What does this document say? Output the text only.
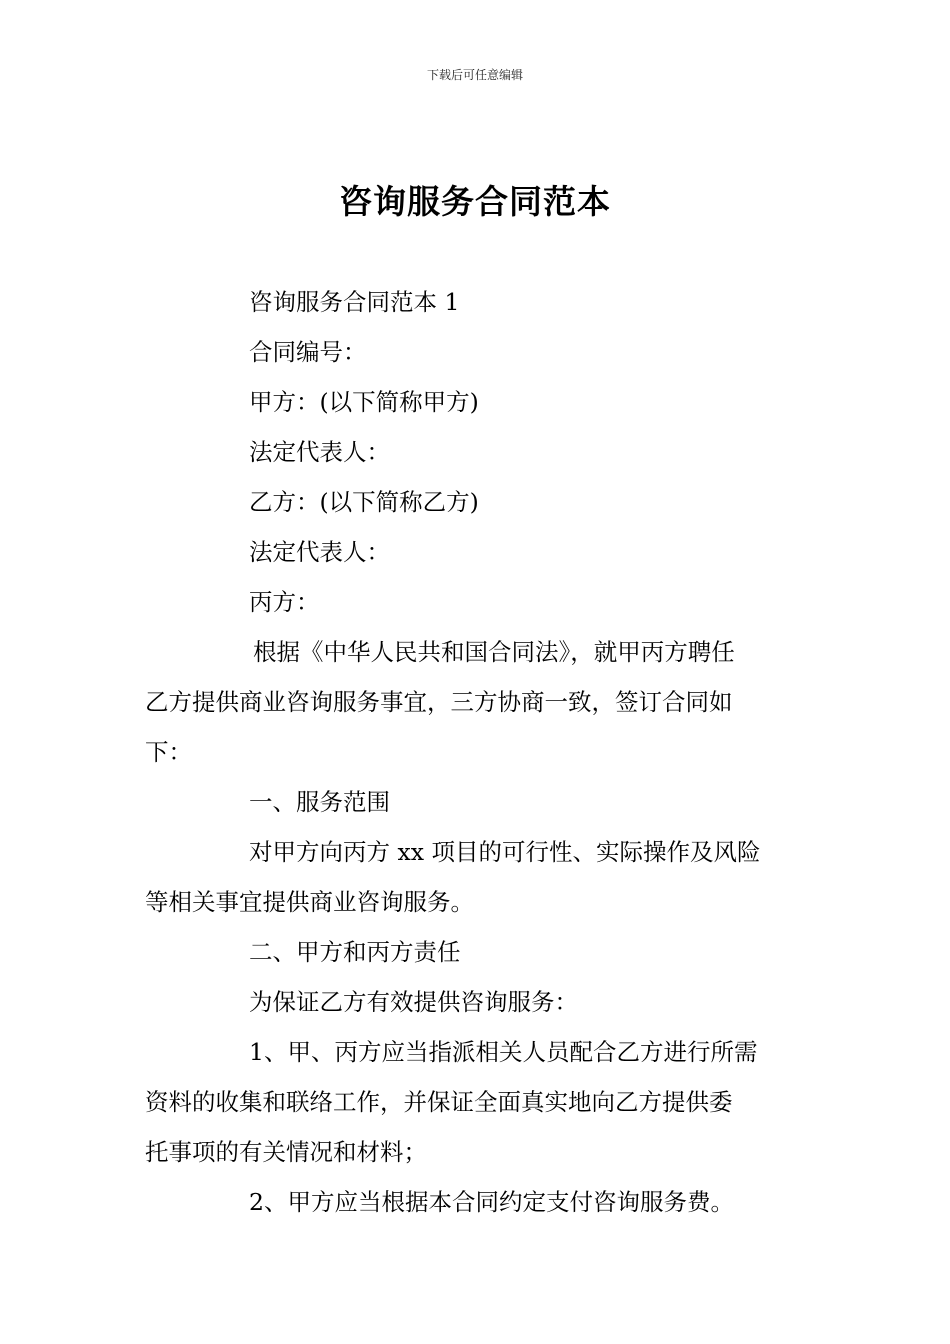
下载后可任意编辑
咨询服务合同范本
咨询服务合同范本 1
合同编号：
甲方：(以下简称甲方)
法定代表人：
乙方：(以下简称乙方)
法定代表人：
丙方：
根据《中华人民共和国合同法》，就甲丙方聘任
乙方提供商业咨询服务事宜，三方协商一致，签订合同如
下：
一、服务范围
对甲方向丙方 xx 项目的可行性、实际操作及风险
等相关事宜提供商业咨询服务。
二、甲方和丙方责任
为保证乙方有效提供咨询服务：
1、甲、丙方应当指派相关人员配合乙方进行所需
资料的收集和联络工作，并保证全面真实地向乙方提供委
托事项的有关情况和材料；
2、甲方应当根据本合同约定支付咨询服务费。
